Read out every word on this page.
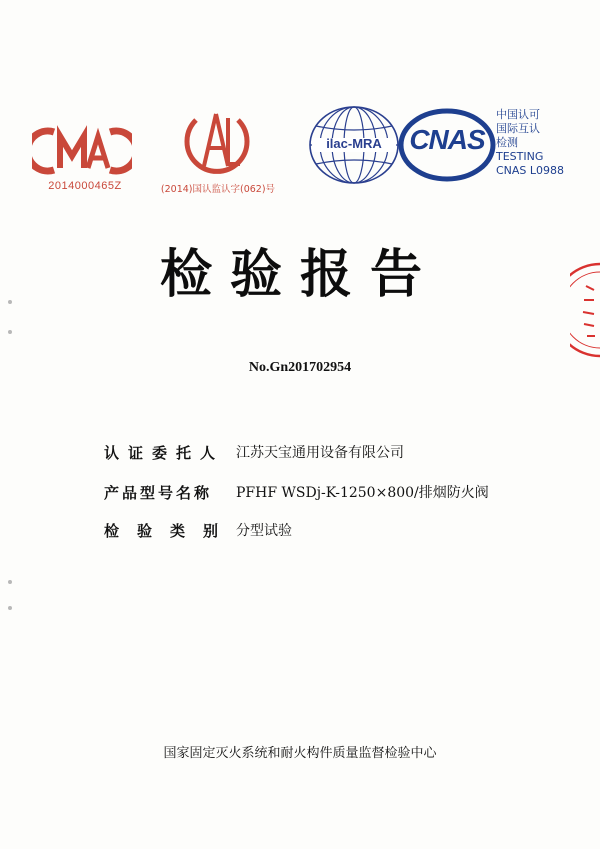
2014000465Z	(2014)国认监认字(062)号
ilac-MRA CNAS
中国认可
国际互认
检测
TESTING
CNAS L0988
检验报告
No.Gn201702954
认证委托人 江苏天宝通用设备有限公司
产品型号名称	PFHF WSDj-K-1250×800/排烟防火阀
检验类别 分型试验
国家固定灭火系统和耐火构件质量监督检验中心
